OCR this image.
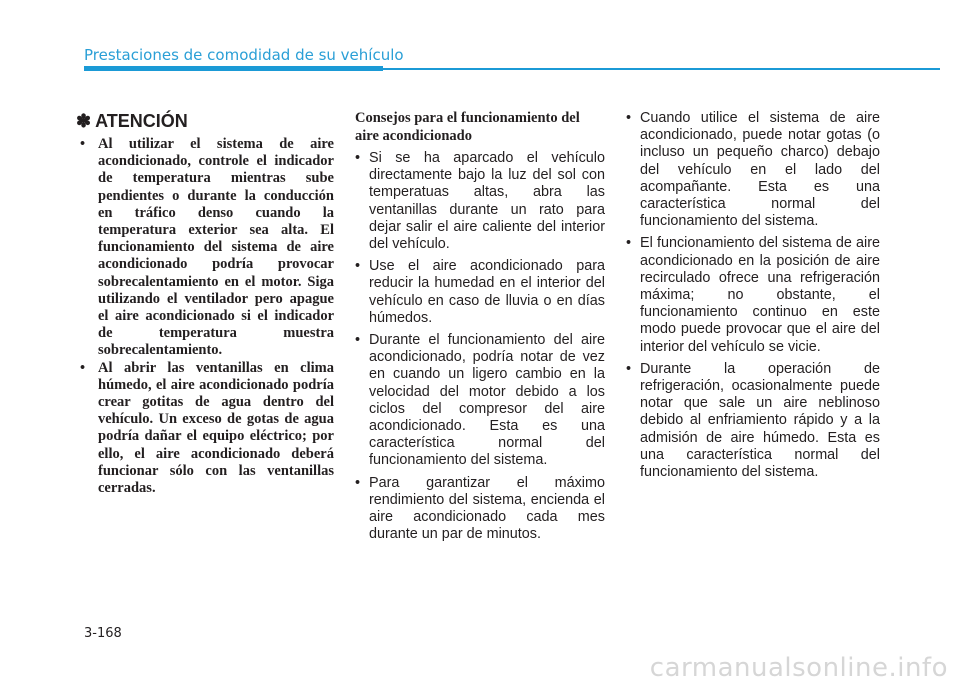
Prestaciones de comodidad de su vehículo
✽ ATENCIÓN
• Al utilizar el sistema de aire acondicionado, controle el indicador de temperatura mientras sube pendientes o durante la conducción en tráfico denso cuando la temperatura exterior sea alta. El funcionamiento del sistema de aire acondicionado podría provocar sobrecalentamiento en el motor. Siga utilizando el ventilador pero apague el aire acondicionado si el indicador de temperatura muestra sobrecalentamiento.
• Al abrir las ventanillas en clima húmedo, el aire acondicionado podría crear gotitas de agua dentro del vehículo. Un exceso de gotas de agua podría dañar el equipo eléctrico; por ello, el aire acondicionado deberá funcionar sólo con las ventanillas cerradas.
Consejos para el funcionamiento del aire acondicionado
• Si se ha aparcado el vehículo directamente bajo la luz del sol con temperatuas altas, abra las ventanillas durante un rato para dejar salir el aire caliente del interior del vehículo.
• Use el aire acondicionado para reducir la humedad en el interior del vehículo en caso de lluvia o en días húmedos.
• Durante el funcionamiento del aire acondicionado, podría notar de vez en cuando un ligero cambio en la velocidad del motor debido a los ciclos del compresor del aire acondicionado. Esta es una característica normal del funcionamiento del sistema.
• Para garantizar el máximo rendimiento del sistema, encienda el aire acondicionado cada mes durante un par de minutos.
• Cuando utilice el sistema de aire acondicionado, puede notar gotas (o incluso un pequeño charco) debajo del vehículo en el lado del acompañante. Esta es una característica normal del funcionamiento del sistema.
• El funcionamiento del sistema de aire acondicionado en la posición de aire recirculado ofrece una refrigeración máxima; no obstante, el funcionamiento continuo en este modo puede provocar que el aire del interior del vehículo se vicie.
• Durante la operación de refrigeración, ocasionalmente puede notar que sale un aire neblinoso debido al enfriamiento rápido y a la admisión de aire húmedo. Esta es una característica normal del funcionamiento del sistema.
3-168
carmanualsonline.info
